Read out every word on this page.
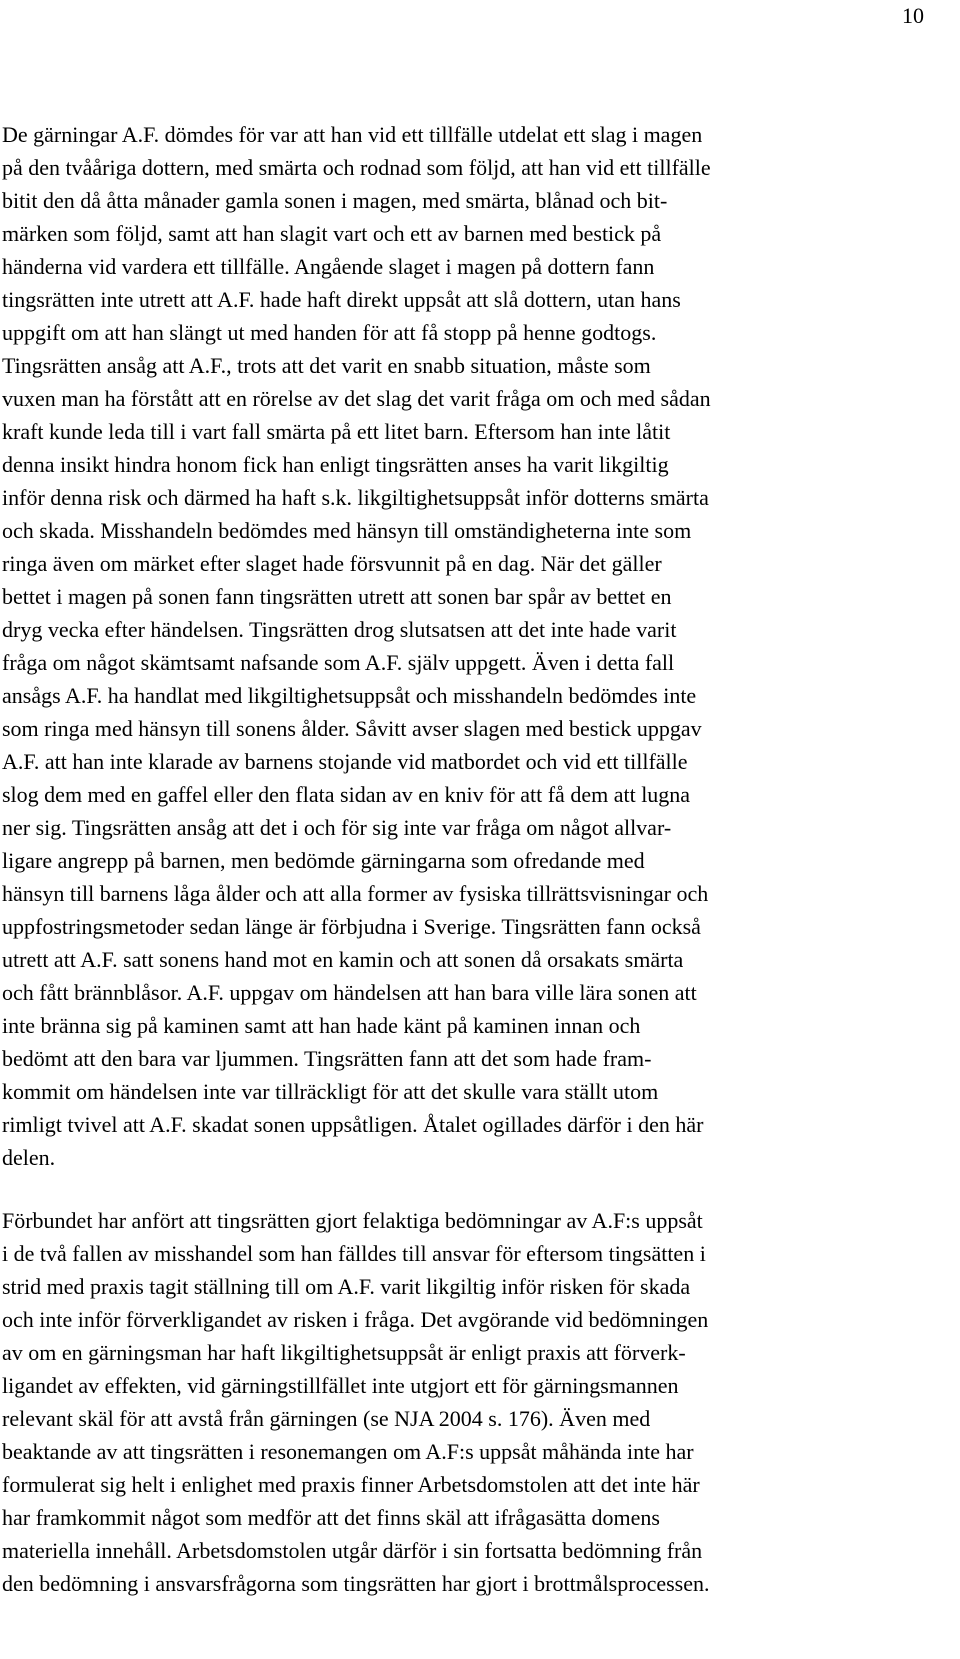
10
De gärningar A.F. dömdes för var att han vid ett tillfälle utdelat ett slag i magen
på den tvååriga dottern, med smärta och rodnad som följd, att han vid ett tillfälle
bitit den då åtta månader gamla sonen i magen, med smärta, blånad och bit-
märken som följd, samt att han slagit vart och ett av barnen med bestick på
händerna vid vardera ett tillfälle. Angående slaget i magen på dottern fann
tingsrätten inte utrett att A.F. hade haft direkt uppsåt att slå dottern, utan hans
uppgift om att han slängt ut med handen för att få stopp på henne godtogs.
Tingsrätten ansåg att A.F., trots att det varit en snabb situation, måste som
vuxen man ha förstått att en rörelse av det slag det varit fråga om och med sådan
kraft kunde leda till i vart fall smärta på ett litet barn. Eftersom han inte låtit
denna insikt hindra honom fick han enligt tingsrätten anses ha varit likgiltig
inför denna risk och därmed ha haft s.k. likgiltighetsuppsåt inför dotterns smärta
och skada. Misshandeln bedömdes med hänsyn till omständigheterna inte som
ringa även om märket efter slaget hade försvunnit på en dag. När det gäller
bettet i magen på sonen fann tingsrätten utrett att sonen bar spår av bettet en
dryg vecka efter händelsen. Tingsrätten drog slutsatsen att det inte hade varit
fråga om något skämtsamt nafsande som A.F. själv uppgett. Även i detta fall
ansågs A.F. ha handlat med likgiltighetsuppsåt och misshandeln bedömdes inte
som ringa med hänsyn till sonens ålder. Såvitt avser slagen med bestick uppgav
A.F. att han inte klarade av barnens stojande vid matbordet och vid ett tillfälle
slog dem med en gaffel eller den flata sidan av en kniv för att få dem att lugna
ner sig. Tingsrätten ansåg att det i och för sig inte var fråga om något allvar-
ligare angrepp på barnen, men bedömde gärningarna som ofredande med
hänsyn till barnens låga ålder och att alla former av fysiska tillrättsvisningar och
uppfostringsmetoder sedan länge är förbjudna i Sverige. Tingsrätten fann också
utrett att A.F. satt sonens hand mot en kamin och att sonen då orsakats smärta
och fått brännblåsor. A.F. uppgav om händelsen att han bara ville lära sonen att
inte bränna sig på kaminen samt att han hade känt på kaminen innan och
bedömt att den bara var ljummen. Tingsrätten fann att det som hade fram-
kommit om händelsen inte var tillräckligt för att det skulle vara ställt utom
rimligt tvivel att A.F. skadat sonen uppsåtligen. Åtalet ogillades därför i den här
delen.
Förbundet har anfört att tingsrätten gjort felaktiga bedömningar av A.F:s uppsåt
i de två fallen av misshandel som han fälldes till ansvar för eftersom tingsätten i
strid med praxis tagit ställning till om A.F. varit likgiltig inför risken för skada
och inte inför förverkligandet av risken i fråga. Det avgörande vid bedömningen
av om en gärningsman har haft likgiltighetsuppsåt är enligt praxis att förverk-
ligandet av effekten, vid gärningstillfället inte utgjort ett för gärningsmannen
relevant skäl för att avstå från gärningen (se NJA 2004 s. 176). Även med
beaktande av att tingsrätten i resonemangen om A.F:s uppsåt måhända inte har
formulerat sig helt i enlighet med praxis finner Arbetsdomstolen att det inte här
har framkommit något som medför att det finns skäl att ifrågasätta domens
materiella innehåll. Arbetsdomstolen utgår därför i sin fortsatta bedömning från
den bedömning i ansvarsfrågorna som tingsrätten har gjort i brottmålsprocessen.
